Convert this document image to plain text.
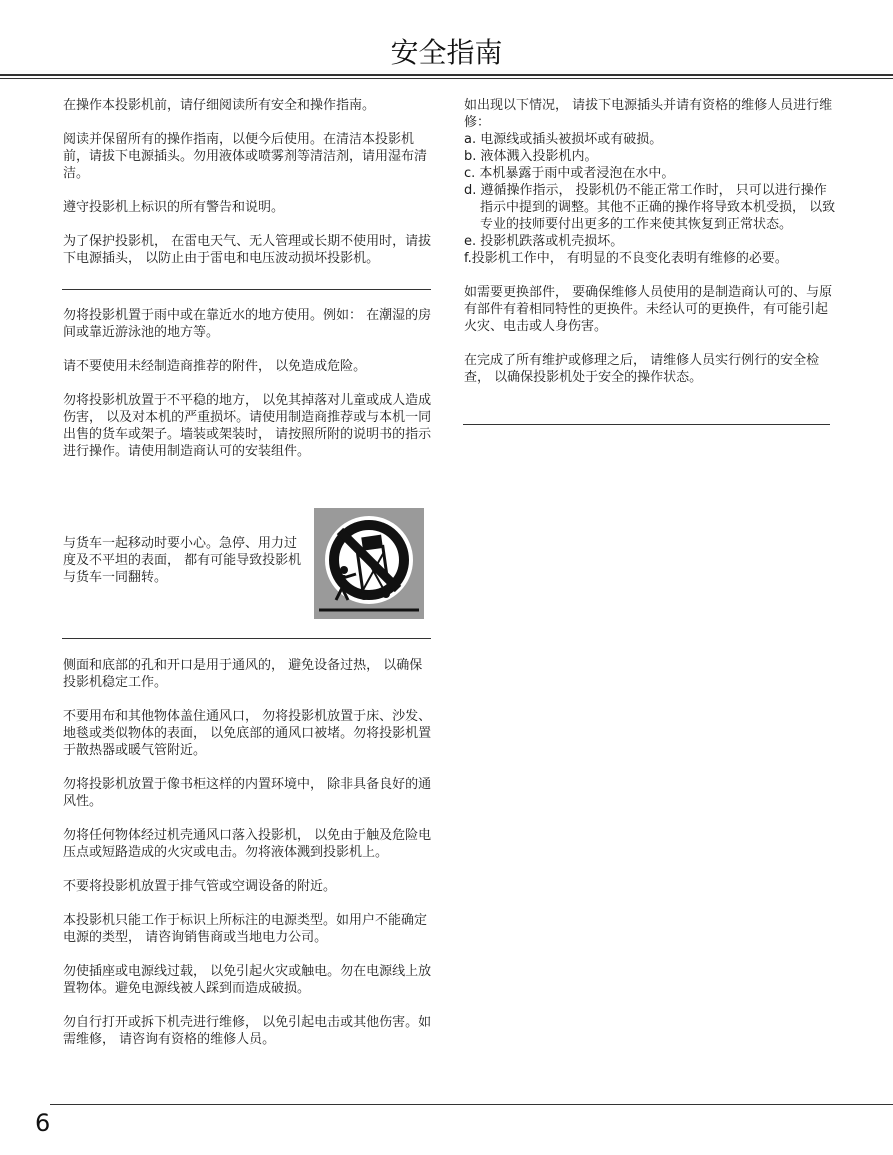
安全指南

在操作本投影机前，请仔细阅读所有安全和操作指南。

阅读并保留所有的操作指南，以便今后使用。在清洁本投影机前，请拔下电源插头。勿用液体或喷雾剂等清洁剂，请用湿布清洁。

遵守投影机上标识的所有警告和说明。

为了保护投影机， 在雷电天气、无人管理或长期不使用时，请拔下电源插头， 以防止由于雷电和电压波动损坏投影机。

勿将投影机置于雨中或在靠近水的地方使用。例如： 在潮湿的房间或靠近游泳池的地方等。

请不要使用未经制造商推荐的附件， 以免造成危险。

勿将投影机放置于不平稳的地方， 以免其掉落对儿童或成人造成伤害， 以及对本机的严重损坏。请使用制造商推荐或与本机一同出售的货车或架子。墙装或架装时， 请按照所附的说明书的指示进行操作。请使用制造商认可的安装组件。

与货车一起移动时要小心。急停、用力过度及不平坦的表面， 都有可能导致投影机与货车一同翻转。

侧面和底部的孔和开口是用于通风的， 避免设备过热， 以确保投影机稳定工作。

不要用布和其他物体盖住通风口， 勿将投影机放置于床、沙发、地毯或类似物体的表面， 以免底部的通风口被堵。勿将投影机置于散热器或暖气管附近。

勿将投影机放置于像书柜这样的内置环境中， 除非具备良好的通风性。

勿将任何物体经过机壳通风口落入投影机， 以免由于触及危险电压点或短路造成的火灾或电击。勿将液体溅到投影机上。

不要将投影机放置于排气管或空调设备的附近。

本投影机只能工作于标识上所标注的电源类型。如用户不能确定电源的类型， 请咨询销售商或当地电力公司。

勿使插座或电源线过载， 以免引起火灾或触电。勿在电源线上放置物体。避免电源线被人踩到而造成破损。

勿自行打开或拆下机壳进行维修， 以免引起电击或其他伤害。如需维修， 请咨询有资格的维修人员。

如出现以下情况， 请拔下电源插头并请有资格的维修人员进行维修：

a. 电源线或插头被损坏或有破损。

b. 液体溅入投影机内。

c. 本机暴露于雨中或者浸泡在水中。

d. 遵循操作指示， 投影机仍不能正常工作时， 只可以进行操作指示中提到的调整。其他不正确的操作将导致本机受损， 以致专业的技师要付出更多的工作来使其恢复到正常状态。

e. 投影机跌落或机壳损坏。

f.投影机工作中， 有明显的不良变化表明有维修的必要。

如需要更换部件， 要确保维修人员使用的是制造商认可的、与原有部件有着相同特性的更换件。未经认可的更换件，有可能引起火灾、电击或人身伤害。

在完成了所有维护或修理之后， 请维修人员实行例行的安全检查， 以确保投影机处于安全的操作状态。

6
